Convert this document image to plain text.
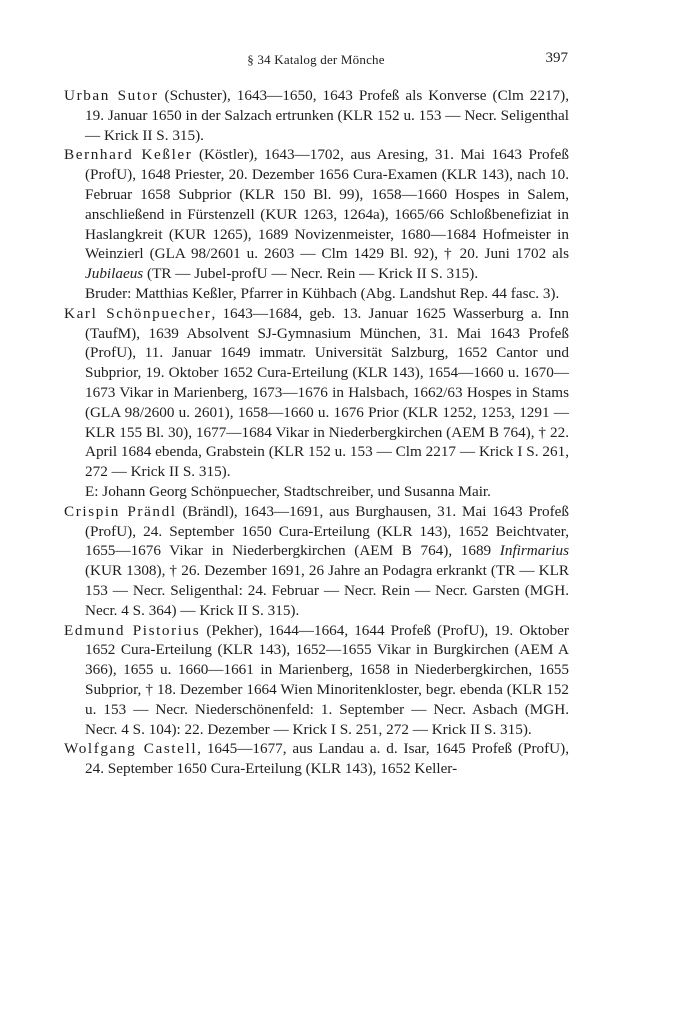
§ 34 Katalog der Mönche	397

Urban Sutor (Schuster), 1643—1650, 1643 Profeß als Konverse (Clm 2217), 19. Januar 1650 in der Salzach ertrunken (KLR 152 u. 153 — Necr. Seligenthal — Krick II S. 315).

Bernhard Keßler (Köstler), 1643—1702, aus Aresing, 31. Mai 1643 Profeß (ProfU), 1648 Priester, 20. Dezember 1656 Cura-Examen (KLR 143), nach 10. Februar 1658 Subprior (KLR 150 Bl. 99), 1658—1660 Hospes in Salem, anschließend in Fürstenzell (KUR 1263, 1264a), 1665/66 Schloßbenefiziat in Haslangkreit (KUR 1265), 1689 Novizenmeister, 1680—1684 Hofmeister in Weinzierl (GLA 98/2601 u. 2603 — Clm 1429 Bl. 92), † 20. Juni 1702 als Jubilaeus (TR — Jubel-profU — Necr. Rein — Krick II S. 315).

Bruder: Matthias Keßler, Pfarrer in Kühbach (Abg. Landshut Rep. 44 fasc. 3).

Karl Schönpuecher, 1643—1684, geb. 13. Januar 1625 Wasserburg a. Inn (TaufM), 1639 Absolvent SJ-Gymnasium München, 31. Mai 1643 Profeß (ProfU), 11. Januar 1649 immatr. Universität Salzburg, 1652 Cantor und Subprior, 19. Oktober 1652 Cura-Erteilung (KLR 143), 1654—1660 u. 1670—1673 Vikar in Marienberg, 1673—1676 in Halsbach, 1662/63 Hospes in Stams (GLA 98/2600 u. 2601), 1658—1660 u. 1676 Prior (KLR 1252, 1253, 1291 — KLR 155 Bl. 30), 1677—1684 Vikar in Niederbergkirchen (AEM B 764), † 22. April 1684 ebenda, Grabstein (KLR 152 u. 153 — Clm 2217 — Krick I S. 261, 272 — Krick II S. 315).

E: Johann Georg Schönpuecher, Stadtschreiber, und Susanna Mair.

Crispin Prändl (Brändl), 1643—1691, aus Burghausen, 31. Mai 1643 Profeß (ProfU), 24. September 1650 Cura-Erteilung (KLR 143), 1652 Beichtvater, 1655—1676 Vikar in Niederbergkirchen (AEM B 764), 1689 Infirmarius (KUR 1308), † 26. Dezember 1691, 26 Jahre an Podagra erkrankt (TR — KLR 153 — Necr. Seligenthal: 24. Februar — Necr. Rein — Necr. Garsten (MGH. Necr. 4 S. 364) — Krick II S. 315).

Edmund Pistorius (Pekher), 1644—1664, 1644 Profeß (ProfU), 19. Oktober 1652 Cura-Erteilung (KLR 143), 1652—1655 Vikar in Burgkirchen (AEM A 366), 1655 u. 1660—1661 in Marienberg, 1658 in Niederbergkirchen, 1655 Subprior, † 18. Dezember 1664 Wien Minoritenkloster, begr. ebenda (KLR 152 u. 153 — Necr. Niederschönenfeld: 1. September — Necr. Asbach (MGH. Necr. 4 S. 104): 22. Dezember — Krick I S. 251, 272 — Krick II S. 315).

Wolfgang Castell, 1645—1677, aus Landau a. d. Isar, 1645 Profeß (ProfU), 24. September 1650 Cura-Erteilung (KLR 143), 1652 Keller-
